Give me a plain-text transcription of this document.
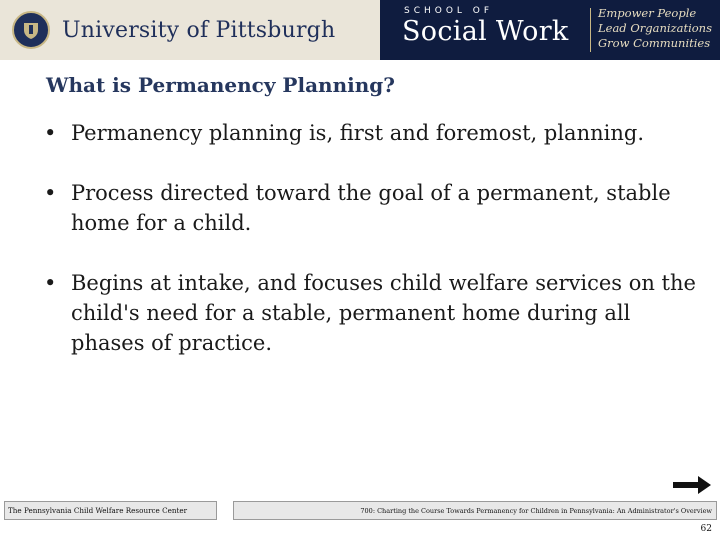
University of Pittsburgh
SCHOOL OF
Social Work
Empower People
Lead Organizations
Grow Communities
What is Permanency Planning?
• Permanency planning is, first and foremost, planning.
• Process directed toward the goal of a permanent, stable home for a child.
• Begins at intake, and focuses child welfare services on the child's need for a stable, permanent home during all phases of practice.
The Pennsylvania Child Welfare Resource Center	700: Charting the Course Towards Permanency for Children in Pennsylvania: An Administrator's Overview
62
